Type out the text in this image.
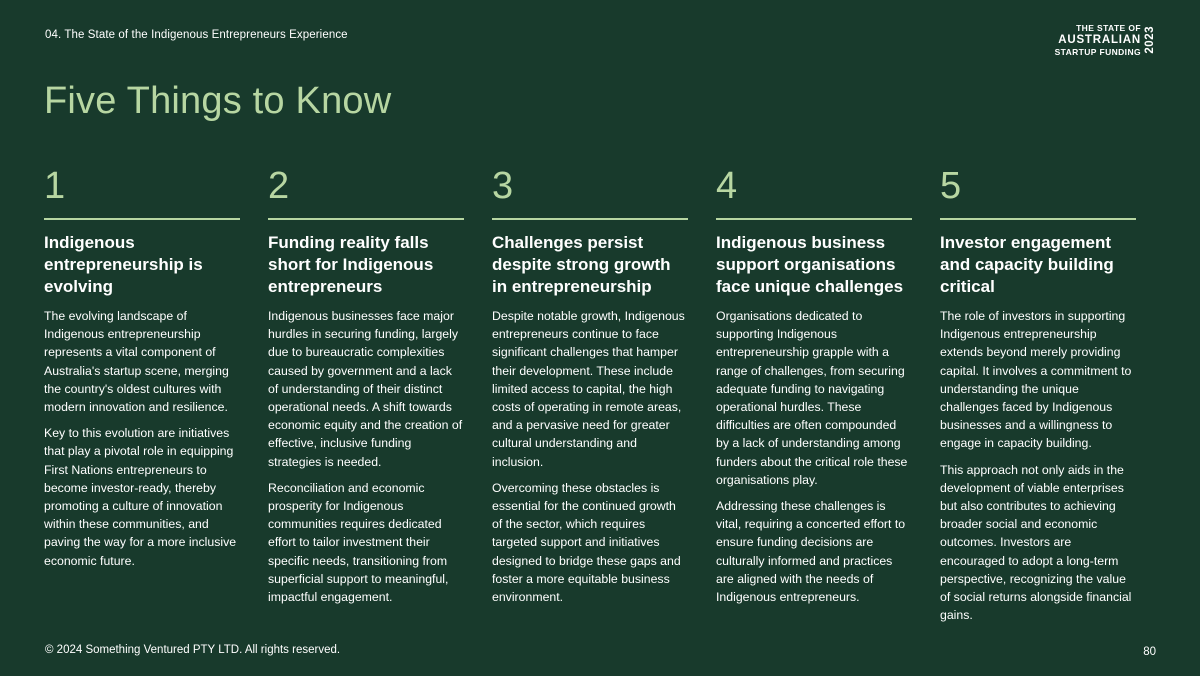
04. The State of the Indigenous Entrepreneurs Experience
THE STATE OF
AUSTRALIAN
STARTUP FUNDING 2023
Five Things to Know
1
Indigenous entrepreneurship is evolving

The evolving landscape of Indigenous entrepreneurship represents a vital component of Australia's startup scene, merging the country's oldest cultures with modern innovation and resilience.

Key to this evolution are initiatives that play a pivotal role in equipping First Nations entrepreneurs to become investor-ready, thereby promoting a culture of innovation within these communities, and paving the way for a more inclusive economic future.

2
Funding reality falls short for Indigenous entrepreneurs

Indigenous businesses face major hurdles in securing funding, largely due to bureaucratic complexities caused by government and a lack of understanding of their distinct operational needs. A shift towards economic equity and the creation of effective, inclusive funding strategies is needed.

Reconciliation and economic prosperity for Indigenous communities requires dedicated effort to tailor investment their specific needs, transitioning from superficial support to meaningful, impactful engagement.

3
Challenges persist despite strong growth in entrepreneurship

Despite notable growth, Indigenous entrepreneurs continue to face significant challenges that hamper their development. These include limited access to capital, the high costs of operating in remote areas, and a pervasive need for greater cultural understanding and inclusion.

Overcoming these obstacles is essential for the continued growth of the sector, which requires targeted support and initiatives designed to bridge these gaps and foster a more equitable business environment.

4
Indigenous business support organisations face unique challenges

Organisations dedicated to supporting Indigenous entrepreneurship grapple with a range of challenges, from securing adequate funding to navigating operational hurdles. These difficulties are often compounded by a lack of understanding among funders about the critical role these organisations play.

Addressing these challenges is vital, requiring a concerted effort to ensure funding decisions are culturally informed and practices are aligned with the needs of Indigenous entrepreneurs.

5
Investor engagement and capacity building critical

The role of investors in supporting Indigenous entrepreneurship extends beyond merely providing capital. It involves a commitment to understanding the unique challenges faced by Indigenous businesses and a willingness to engage in capacity building.

This approach not only aids in the development of viable enterprises but also contributes to achieving broader social and economic outcomes. Investors are encouraged to adopt a long-term perspective, recognizing the value of social returns alongside financial gains.

© 2024 Something Ventured PTY LTD. All rights reserved.	80
